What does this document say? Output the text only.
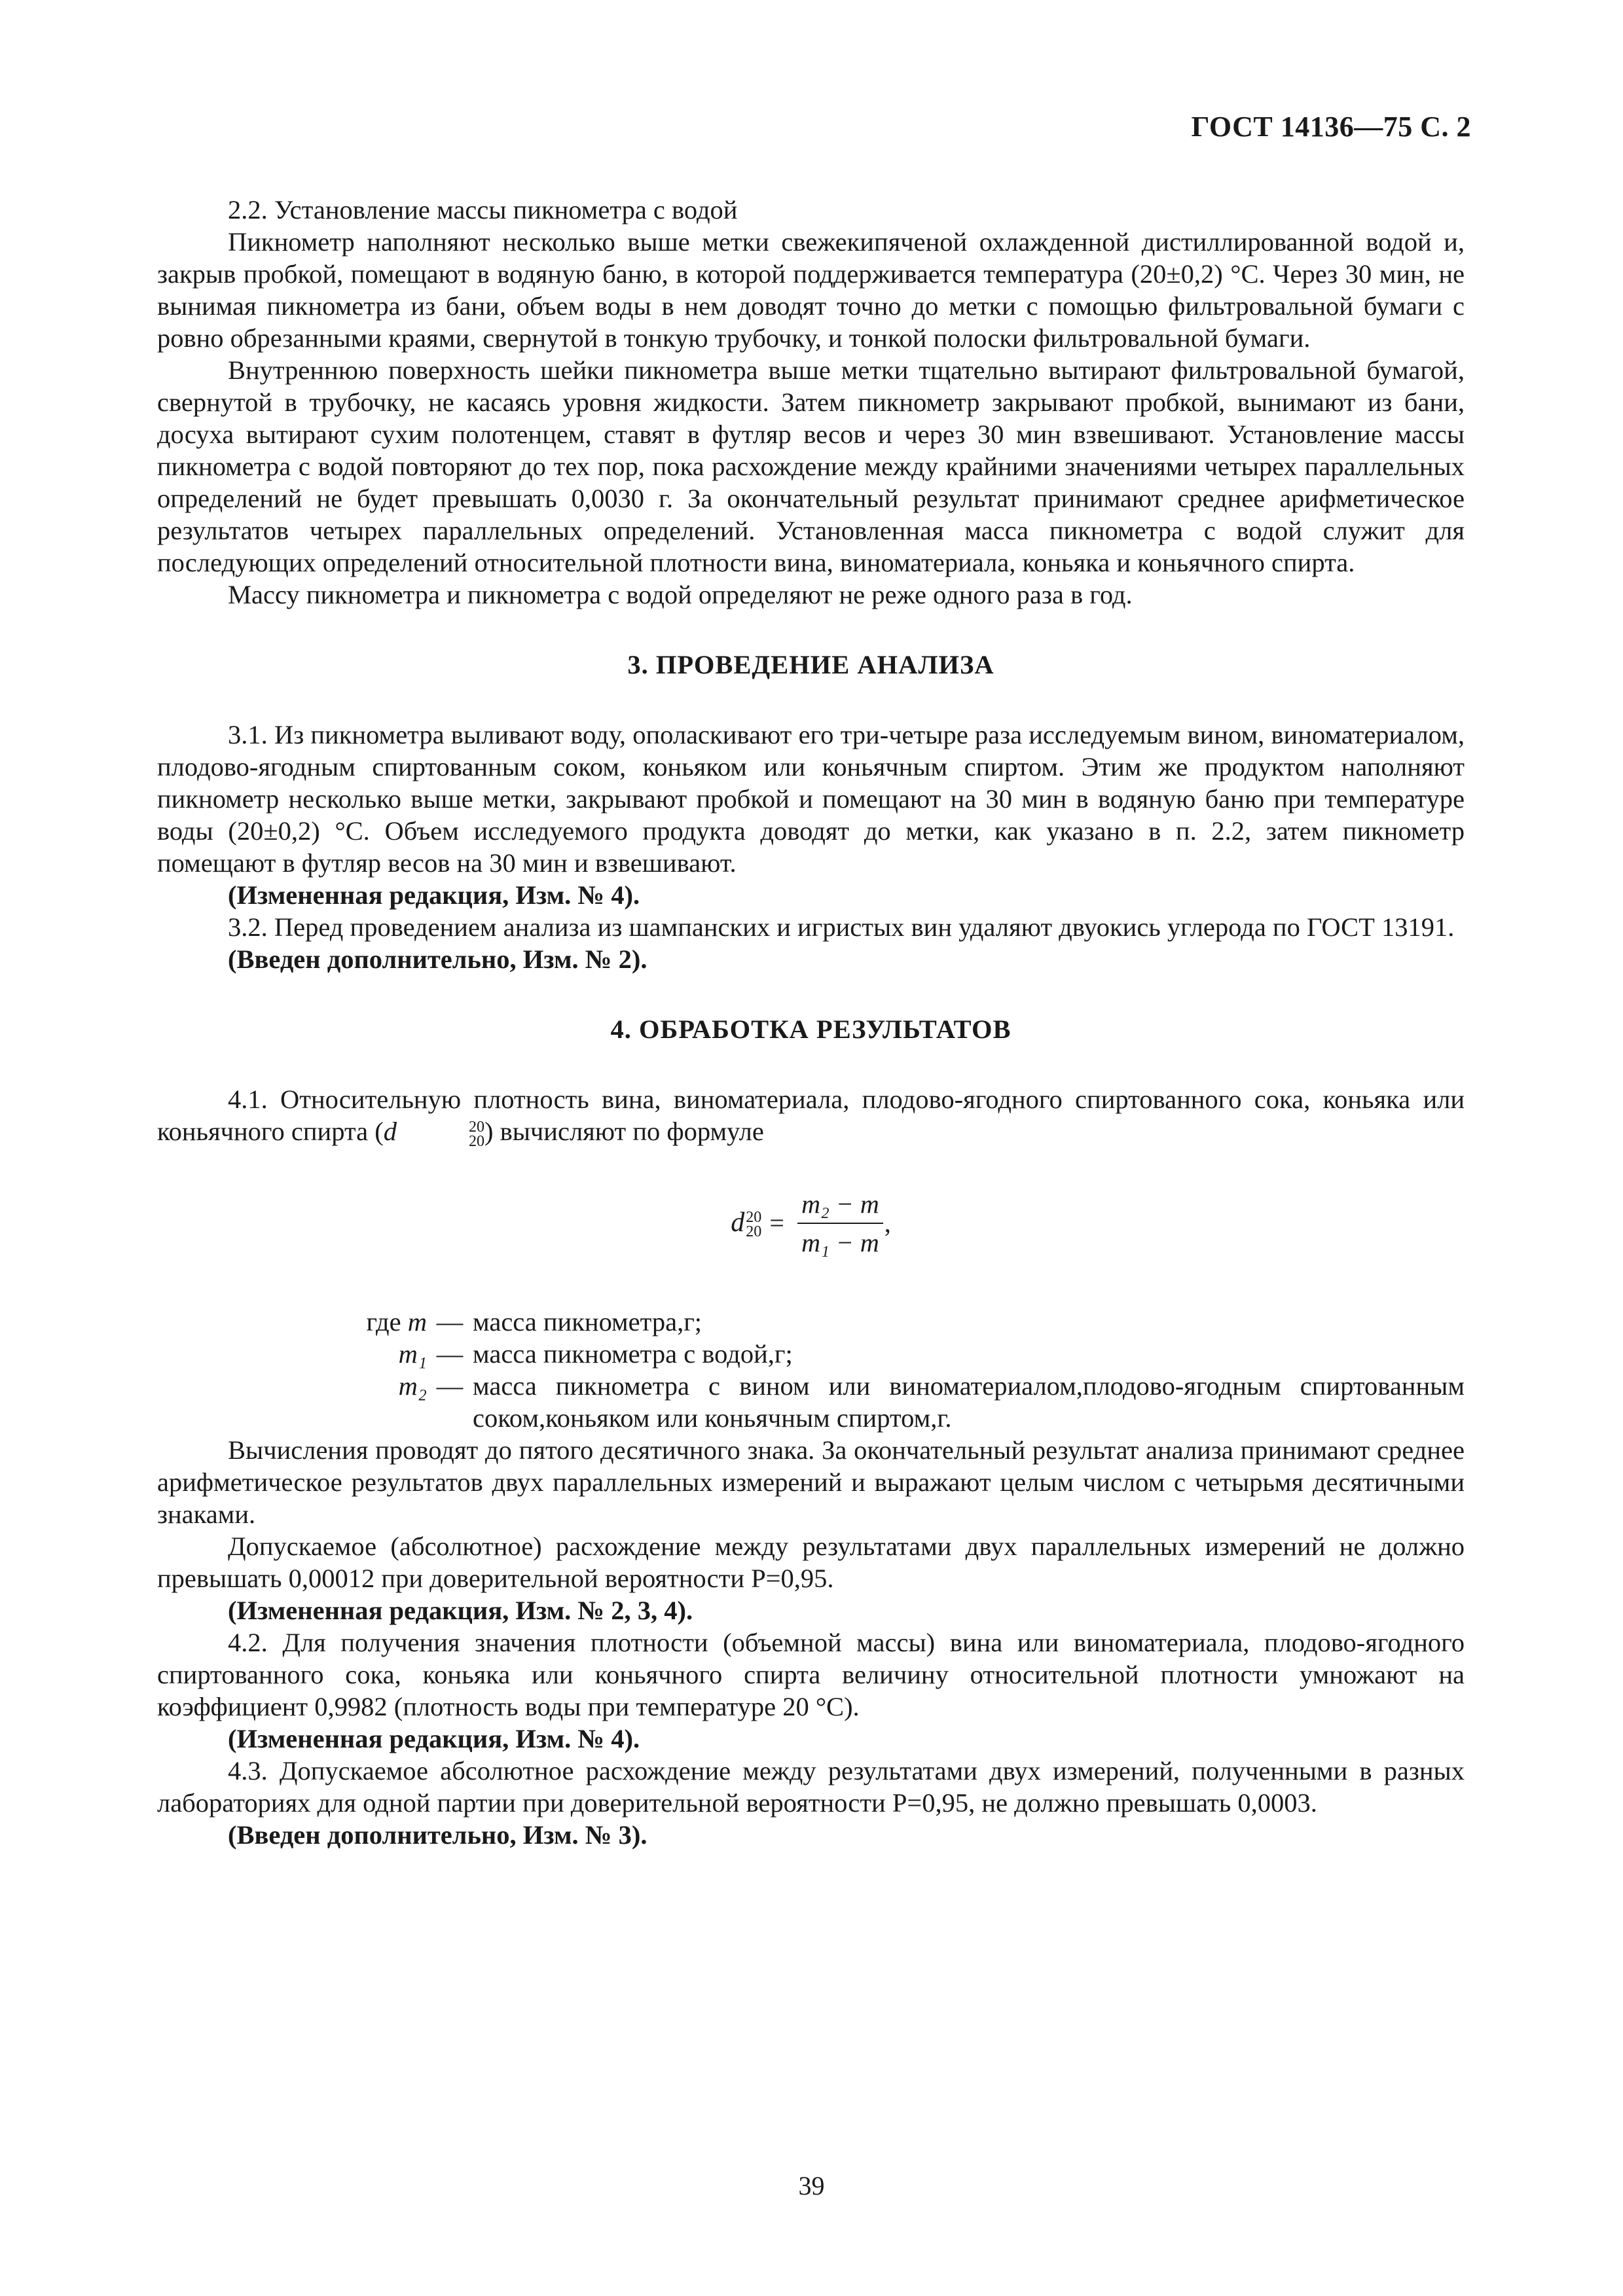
ГОСТ 14136—75 С. 2

2.2. Установление массы пикнометра с водой

Пикнометр наполняют несколько выше метки свежекипяченой охлажденной дистиллированной водой и, закрыв пробкой, помещают в водяную баню, в которой поддерживается температура (20±0,2) °С. Через 30 мин, не вынимая пикнометра из бани, объем воды в нем доводят точно до метки с помощью фильтровальной бумаги с ровно обрезанными краями, свернутой в тонкую трубочку, и тонкой полоски фильтровальной бумаги.

Внутреннюю поверхность шейки пикнометра выше метки тщательно вытирают фильтровальной бумагой, свернутой в трубочку, не касаясь уровня жидкости. Затем пикнометр закрывают пробкой, вынимают из бани, досуха вытирают сухим полотенцем, ставят в футляр весов и через 30 мин взвешивают. Установление массы пикнометра с водой повторяют до тех пор, пока расхождение между крайними значениями четырех параллельных определений не будет превышать 0,0030 г. За окончательный результат принимают среднее арифметическое результатов четырех параллельных определений. Установленная масса пикнометра с водой служит для последующих определений относительной плотности вина, виноматериала, коньяка и коньячного спирта.

Массу пикнометра и пикнометра с водой определяют не реже одного раза в год.

3. ПРОВЕДЕНИЕ АНАЛИЗА

3.1. Из пикнометра выливают воду, ополаскивают его три-четыре раза исследуемым вином, виноматериалом, плодово-ягодным спиртованным соком, коньяком или коньячным спиртом. Этим же продуктом наполняют пикнометр несколько выше метки, закрывают пробкой и помещают на 30 мин в водяную баню при температуре воды (20±0,2) °С. Объем исследуемого продукта доводят до метки, как указано в п. 2.2, затем пикнометр помещают в футляр весов на 30 мин и взвешивают.

(Измененная редакция, Изм. № 4).

3.2. Перед проведением анализа из шампанских и игристых вин удаляют двуокись углерода по ГОСТ 13191.

(Введен дополнительно, Изм. № 2).

4. ОБРАБОТКА РЕЗУЛЬТАТОВ

4.1. Относительную плотность вина, виноматериала, плодово-ягодного спиртованного сока, коньяка или коньячного спирта (d	20
20 ) вычисляют по формуле

d 20
$20 = \frac{\text{m₂ − m}}{\text{m₁ − m}}$ ,
где m — масса пикнометра,г;
m₁ — масса пикнометра с водой,г;
m₂ — масса пикнометра с вином или виноматериалом,плодово-ягодным спиртованным соком,коньяком или коньячным спиртом,г.

Вычисления проводят до пятого десятичного знака. За окончательный результат анализа принимают среднее арифметическое результатов двух параллельных измерений и выражают целым числом с четырьмя десятичными знаками.

Допускаемое (абсолютное) расхождение между результатами двух параллельных измерений не должно превышать 0,00012 при доверительной вероятности Р=0,95.

(Измененная редакция, Изм. № 2, 3, 4).

4.2. Для получения значения плотности (объемной массы) вина или виноматериала, плодово-ягодного спиртованного сока, коньяка или коньячного спирта величину относительной плотности умножают на коэффициент 0,9982 (плотность воды при температуре 20 °С).

(Измененная редакция, Изм. № 4).

4.3. Допускаемое абсолютное расхождение между результатами двух измерений, полученными в разных лабораториях для одной партии при доверительной вероятности Р=0,95, не должно превышать 0,0003.

(Введен дополнительно, Изм. № 3).

39
